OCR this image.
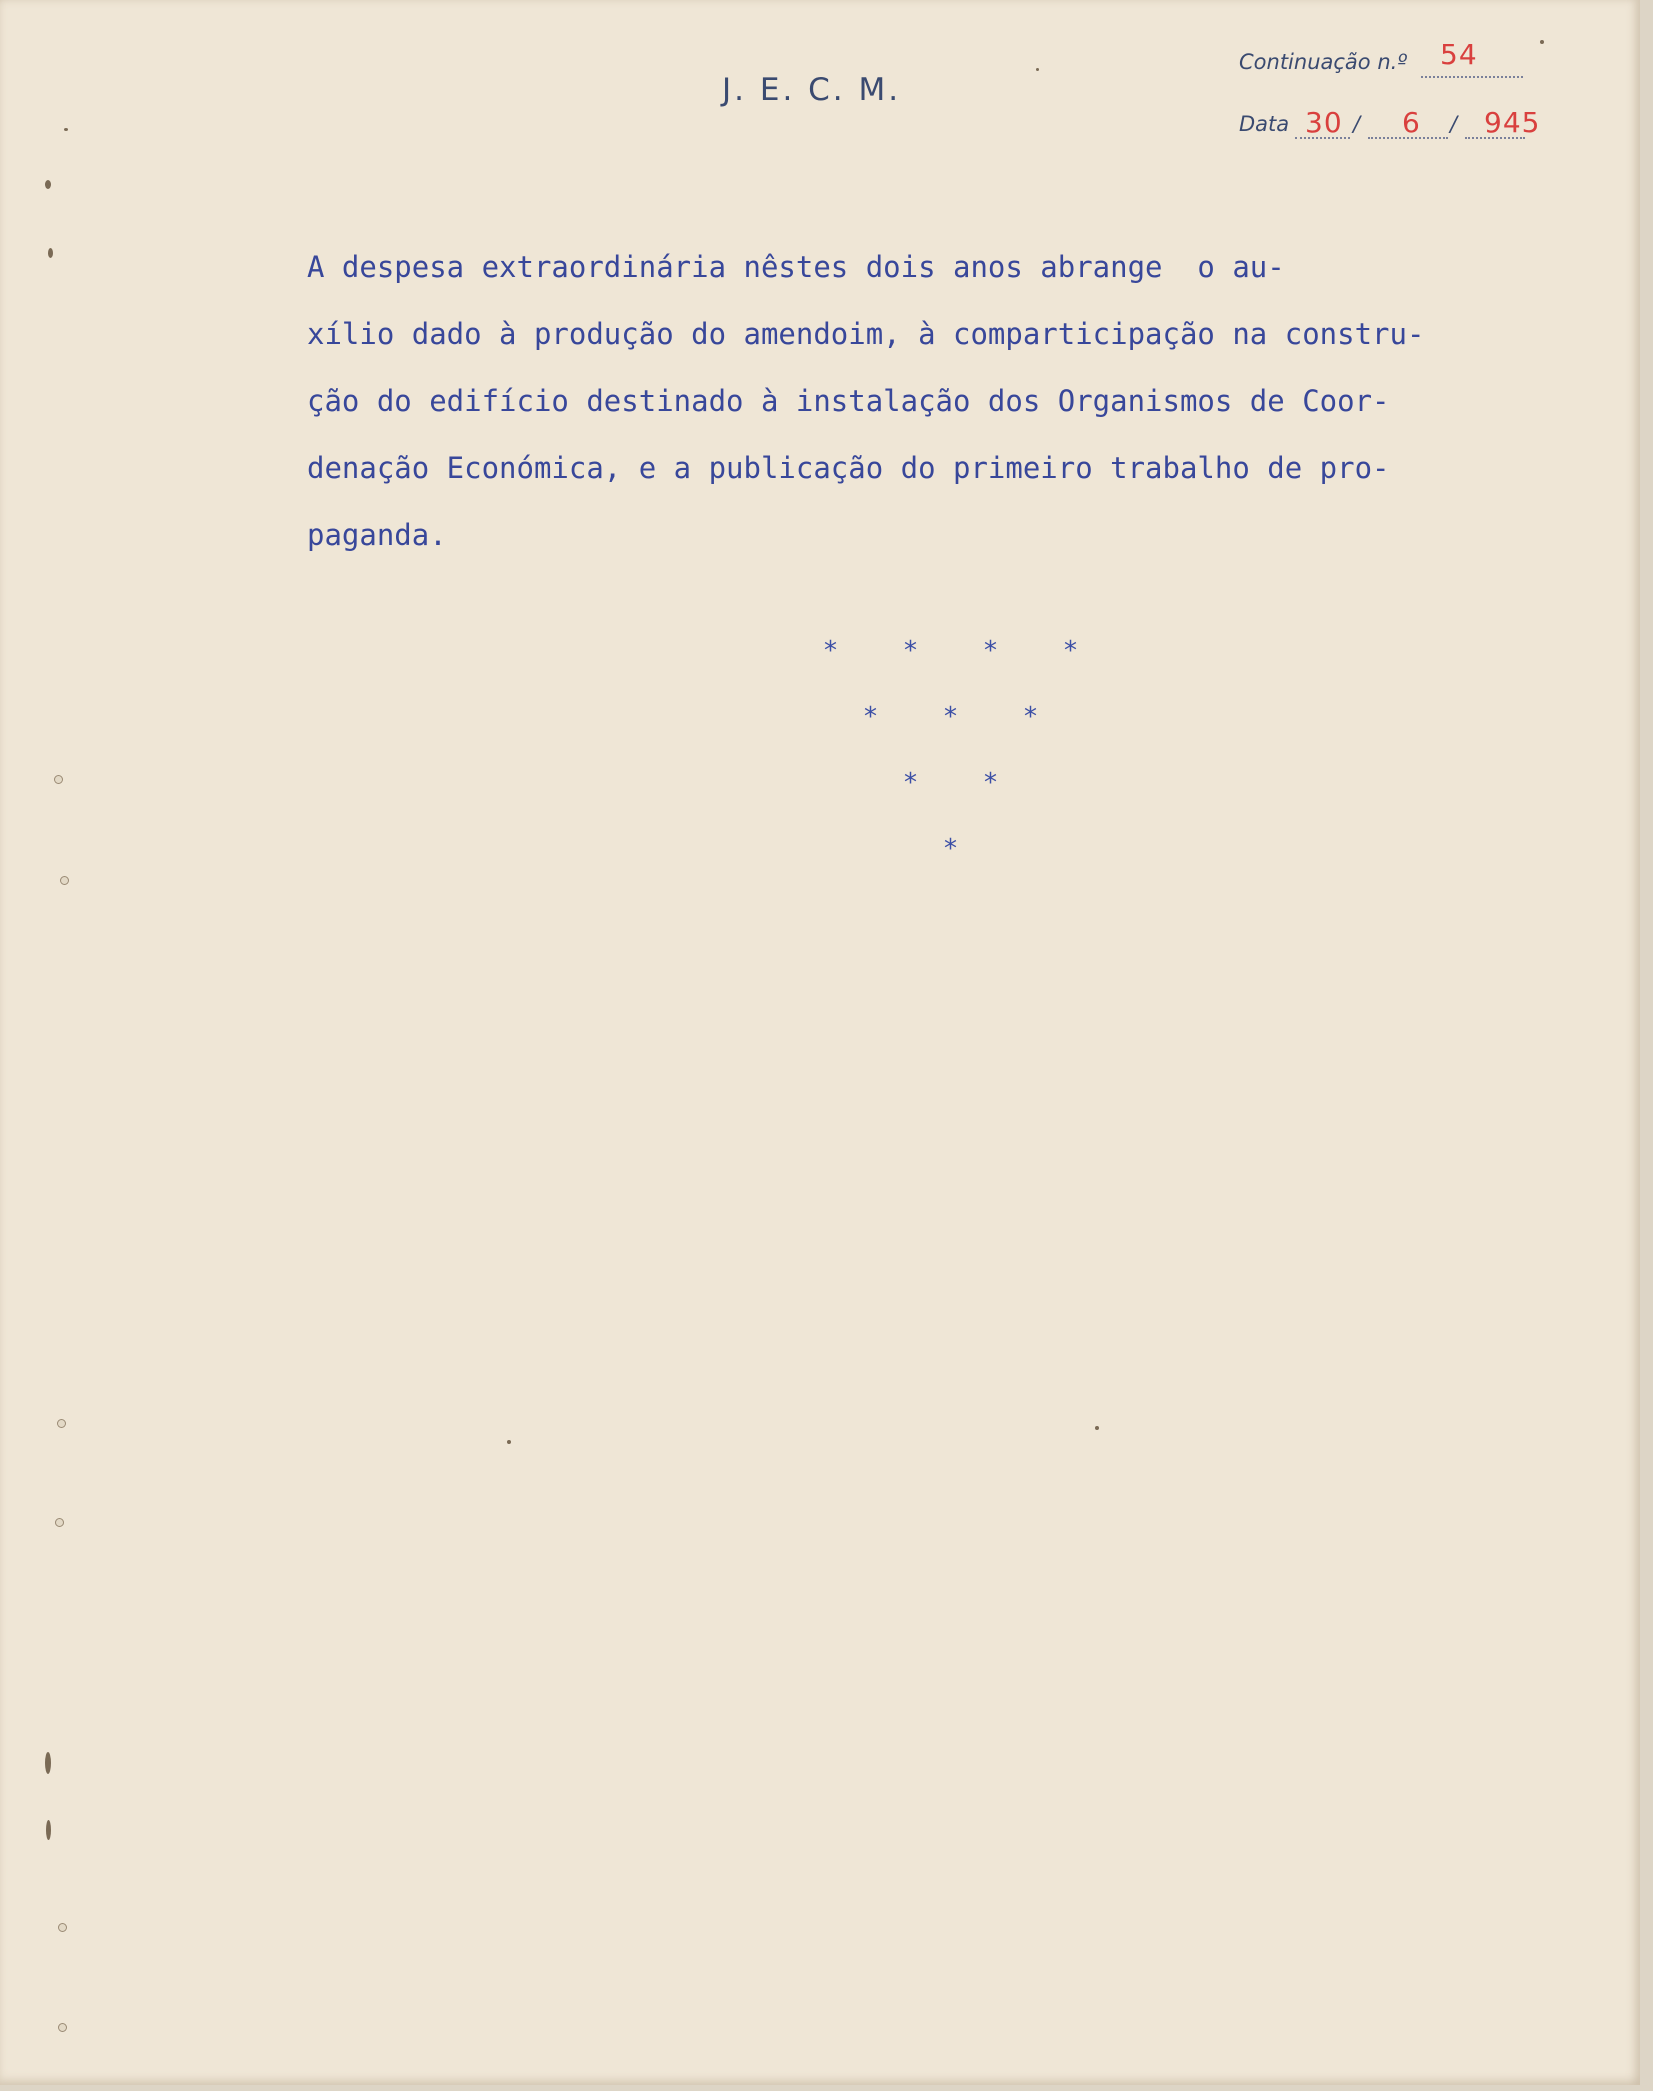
J. E. C. M.
Continuação n.º 54
Data 30 / 6 / 945
A despesa extraordinária nêstes dois anos abrange  o au-
xílio dado à produção do amendoim, à comparticipação na constru-
ção do edifício destinado à instalação dos Organismos de Coor-
denação Económica, e a publicação do primeiro trabalho de pro-
paganda.
*	*	*	*
*	*	*
*	*
*
